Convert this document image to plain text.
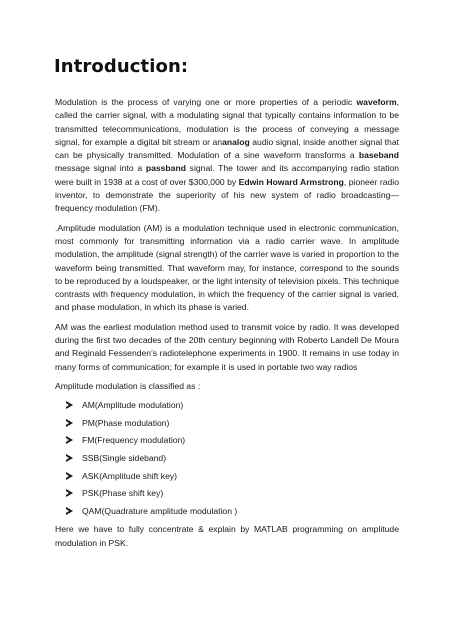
Introduction:

Modulation is the process of varying one or more properties of a periodic waveform, called the carrier signal, with a modulating signal that typically contains information to be transmitted telecommunications, modulation is the process of conveying a message signal, for example a digital bit stream or ananalog audio signal, inside another signal that can be physically transmitted. Modulation of a sine waveform transforms a baseband message signal into a passband signal. The tower and its accompanying radio station were built in 1938 at a cost of over $300,000 by Edwin Howard Armstrong, pioneer radio inventor, to demonstrate the superiority of his new system of radio broadcasting—frequency modulation (FM).

.Amplitude modulation (AM) is a modulation technique used in electronic communication, most commonly for transmitting information via a radio carrier wave. In amplitude modulation, the amplitude (signal strength) of the carrier wave is varied in proportion to the waveform being transmitted. That waveform may, for instance, correspond to the sounds to be reproduced by a loudspeaker, or the light intensity of television pixels. This technique contrasts with frequency modulation, in which the frequency of the carrier signal is varied, and phase modulation, in which its phase is varied.

AM was the earliest modulation method used to transmit voice by radio. It was developed during the first two decades of the 20th century beginning with Roberto Landell De Moura and Reginald Fessenden's radiotelephone experiments in 1900. It remains in use today in many forms of communication; for example it is used in portable two way radios

Amplitude modulation is classified as :
AM(Amplitude modulation)
PM(Phase modulation)
FM(Frequency modulation)
SSB(Single sideband)
ASK(Amplitude shift key)
PSK(Phase shift key)
QAM(Quadrature amplitude modulation )

Here we have to fully concentrate & explain by MATLAB programming on amplitude modulation in PSK.
